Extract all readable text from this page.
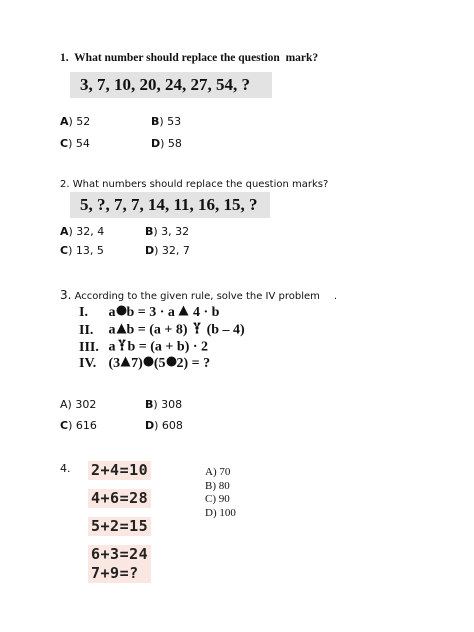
1.  What number should replace the question  mark?
3, 7, 10, 20, 24, 27, 54, ?
A) 52	B) 53
C) 54	D) 58
2. What numbers should replace the question marks?
5, ?, 7, 7, 14, 11, 16, 15, ?
A) 32, 4	B) 3, 32
C) 13, 5	D) 32, 7
3. According to the given rule, solve the IV problem .
I. a b = 3 · a 4 · b
II. a b = (a + 8) (b – 4)
III. a b = (a + b) · 2
IV. (3 7) (5 2) = ?
A) 302	B) 308
C) 616	D) 608
4. 2+4=10
4+6=28
5+2=15
6+3=24
7+9=?
A) 70
B) 80
C) 90
D) 100
